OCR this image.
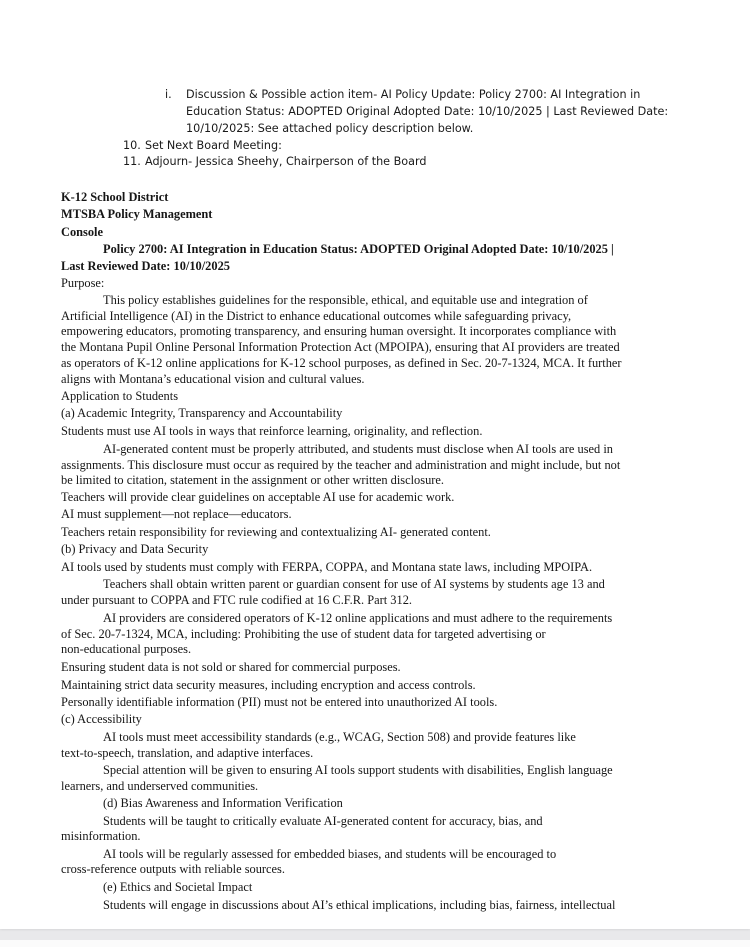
i. Discussion & Possible action item- AI Policy Update: Policy 2700: AI Integration in
Education Status: ADOPTED Original Adopted Date: 10/10/2025 | Last Reviewed Date:
10/10/2025: See attached policy description below.
10. Set Next Board Meeting:
11. Adjourn- Jessica Sheehy, Chairperson of the Board
K-12 School District
MTSBA Policy Management
Console
Policy 2700: AI Integration in Education Status: ADOPTED Original Adopted Date: 10/10/2025 |
Last Reviewed Date: 10/10/2025
Purpose:
This policy establishes guidelines for the responsible, ethical, and equitable use and integration of
Artificial Intelligence (AI) in the District to enhance educational outcomes while safeguarding privacy,
empowering educators, promoting transparency, and ensuring human oversight. It incorporates compliance with
the Montana Pupil Online Personal Information Protection Act (MPOIPA), ensuring that AI providers are treated
as operators of K-12 online applications for K-12 school purposes, as defined in Sec. 20-7-1324, MCA. It further
aligns with Montana’s educational vision and cultural values.
Application to Students
(a) Academic Integrity, Transparency and Accountability
Students must use AI tools in ways that reinforce learning, originality, and reflection.
AI-generated content must be properly attributed, and students must disclose when AI tools are used in
assignments. This disclosure must occur as required by the teacher and administration and might include, but not
be limited to citation, statement in the assignment or other written disclosure.
Teachers will provide clear guidelines on acceptable AI use for academic work.
AI must supplement—not replace—educators.
Teachers retain responsibility for reviewing and contextualizing AI- generated content.
(b) Privacy and Data Security
AI tools used by students must comply with FERPA, COPPA, and Montana state laws, including MPOIPA.
Teachers shall obtain written parent or guardian consent for use of AI systems by students age 13 and
under pursuant to COPPA and FTC rule codified at 16 C.F.R. Part 312.
AI providers are considered operators of K-12 online applications and must adhere to the requirements
of Sec. 20-7-1324, MCA, including: Prohibiting the use of student data for targeted advertising or
non-educational purposes.
Ensuring student data is not sold or shared for commercial purposes.
Maintaining strict data security measures, including encryption and access controls.
Personally identifiable information (PII) must not be entered into unauthorized AI tools.
(c) Accessibility
AI tools must meet accessibility standards (e.g., WCAG, Section 508) and provide features like
text-to-speech, translation, and adaptive interfaces.
Special attention will be given to ensuring AI tools support students with disabilities, English language
learners, and underserved communities.
(d) Bias Awareness and Information Verification
Students will be taught to critically evaluate AI-generated content for accuracy, bias, and
misinformation.
AI tools will be regularly assessed for embedded biases, and students will be encouraged to
cross-reference outputs with reliable sources.
(e) Ethics and Societal Impact
Students will engage in discussions about AI’s ethical implications, including bias, fairness, intellectual
